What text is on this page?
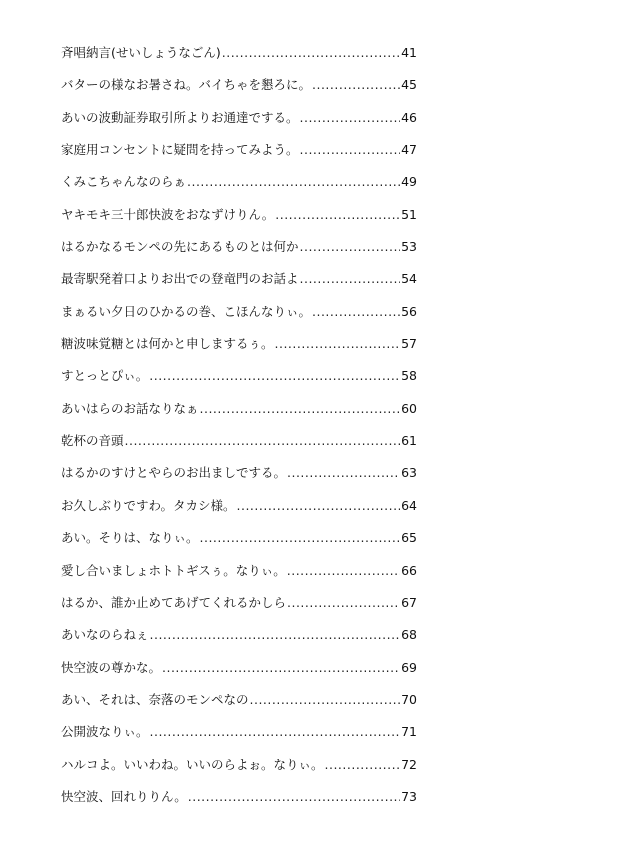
斉唱納言(せいしょうなごん) .....	41
バターの様なお暑さね。バイちゃを懇ろに。 .....	45
あいの波動証券取引所よりお通達でする。 .....	46
家庭用コンセントに疑問を持ってみよう。 .....	47
くみこちゃんなのらぁ .....	49
ヤキモキ三十郎快波をおなずけりん。 .....	51
はるかなるモンペの先にあるものとは何か .....	53
最寄駅発着口よりお出での登竜門のお話よ .....	54
まぁるい夕日のひかるの巻、こほんなりぃ。 .....	56
糖波味覚糖とは何かと申しまするぅ。 .....	57
すとっとぴぃ。 .....	58
あいはらのお話なりなぁ .....	60
乾杯の音頭 .....	61
はるかのすけとやらのお出ましでする。 .....	63
お久しぶりですわ。タカシ様。 .....	64
あい。そりは、なりぃ。 .....	65
愛し合いましょホトトギスぅ。なりぃ。 .....	66
はるか、誰か止めてあげてくれるかしら .....	67
あいなのらねぇ .....	68
快空波の尊かな。 .....	69
あい、それは、奈落のモンペなの .....	70
公開波なりぃ。 .....	71
ハルコよ。いいわね。いいのらよぉ。なりぃ。 .....	72
快空波、回れりりん。 .....	73
